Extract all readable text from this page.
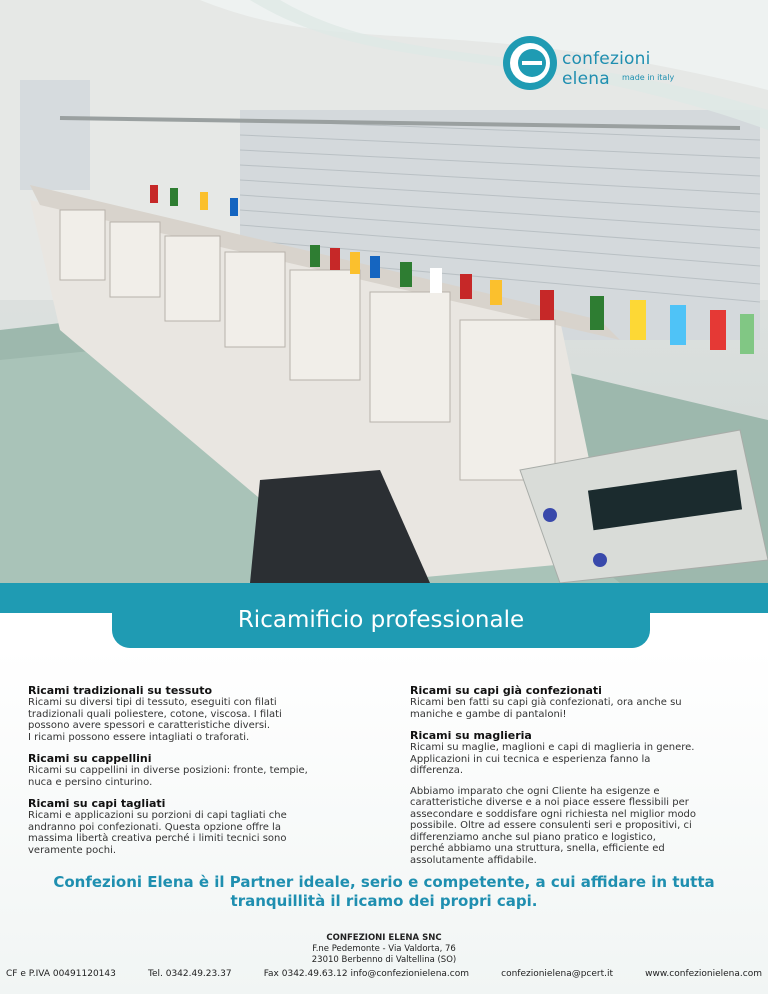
confezioni elena	made in italy
Ricamificio professionale
Ricami tradizionali su tessuto

Ricami su diversi tipi di tessuto, eseguiti con filati
tradizionali quali poliestere, cotone, viscosa. I filati
possono avere spessori e caratteristiche diversi.
I ricami possono essere intagliati o traforati.

Ricami su cappellini

Ricami su cappellini in diverse posizioni: fronte, tempie,
nuca e persino cinturino.

Ricami su capi tagliati

Ricami e applicazioni su porzioni di capi tagliati che
andranno poi confezionati. Questa opzione offre la
massima libertà creativa perché i limiti tecnici sono
veramente pochi.

Ricami su capi già confezionati

Ricami ben fatti su capi già confezionati, ora anche su
maniche e gambe di pantaloni!

Ricami su maglieria

Ricami su maglie, maglioni e capi di maglieria in genere.
Applicazioni in cui tecnica e esperienza fanno la
differenza.

Abbiamo imparato che ogni Cliente ha esigenze e
caratteristiche diverse e a noi piace essere flessibili per
assecondare e soddisfare ogni richiesta nel miglior modo
possibile. Oltre ad essere consulenti seri e propositivi, ci
differenziamo anche sul piano pratico e logistico,
perché abbiamo una struttura, snella, efficiente ed
assolutamente affidabile.

Confezioni Elena è il Partner ideale, serio e competente, a cui affidare in tutta
tranquillità il ricamo dei propri capi.
CONFEZIONI ELENA SNC
F.ne Pedemonte - Via Valdorta, 76
23010 Berbenno di Valtellina (SO)
CF e P.IVA 00491120143	Tel. 0342.49.23.37	Fax 0342.49.63.12 info@confezionielena.com	confezionielena@pcert.it	www.confezionielena.com
